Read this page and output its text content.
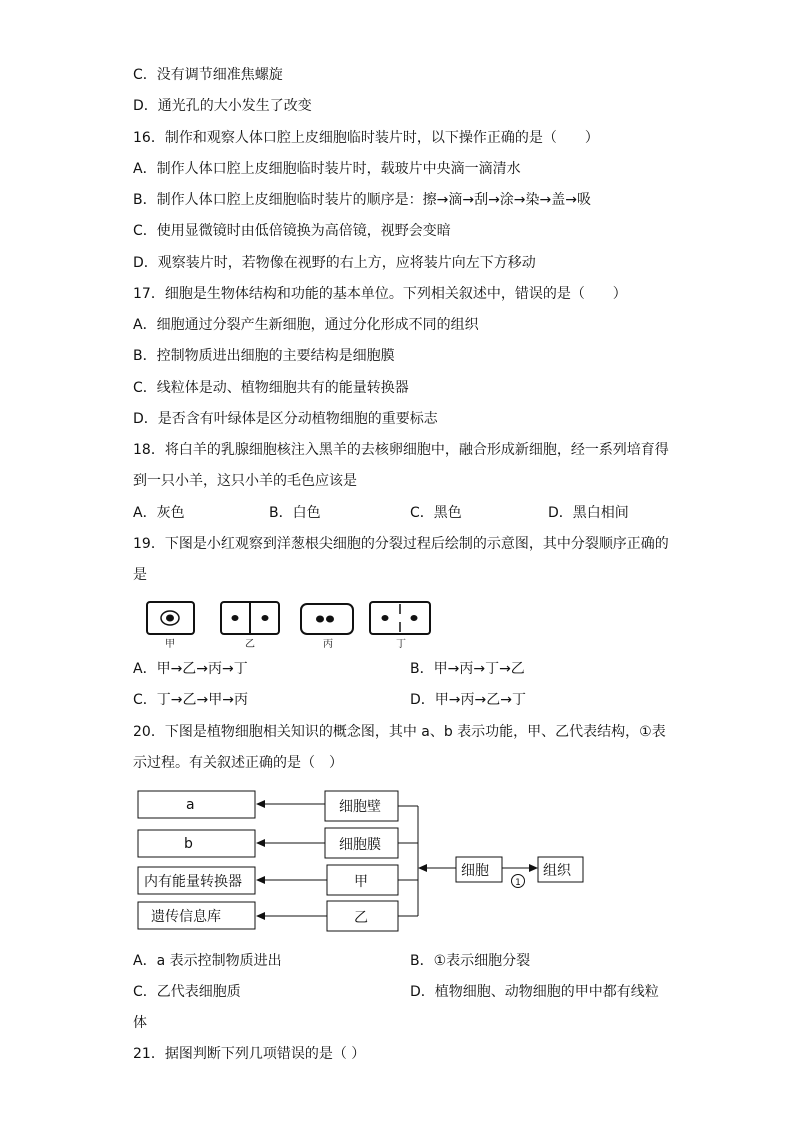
C．没有调节细准焦螺旋
D．通光孔的大小发生了改变
16．制作和观察人体口腔上皮细胞临时装片时，以下操作正确的是（　　）
A．制作人体口腔上皮细胞临时装片时，载玻片中央滴一滴清水
B．制作人体口腔上皮细胞临时装片的顺序是：擦→滴→刮→涂→染→盖→吸
C．使用显微镜时由低倍镜换为高倍镜，视野会变暗
D．观察装片时，若物像在视野的右上方，应将装片向左下方移动
17．细胞是生物体结构和功能的基本单位。下列相关叙述中，错误的是（　　）
A．细胞通过分裂产生新细胞，通过分化形成不同的组织
B．控制物质进出细胞的主要结构是细胞膜
C．线粒体是动、植物细胞共有的能量转换器
D．是否含有叶绿体是区分动植物细胞的重要标志
18．将白羊的乳腺细胞核注入黑羊的去核卵细胞中，融合形成新细胞，经一系列培育得
到一只小羊，这只小羊的毛色应该是
A．灰色	B．白色	C．黑色	D．黑白相间
19．下图是小红观察到洋葱根尖细胞的分裂过程后绘制的示意图，其中分裂顺序正确的
是
甲	乙	丙	丁
1
a
b
内有能量转换器
遗传信息库
细胞壁
细胞膜
甲
乙
细胞	组织
A．甲→乙→丙→丁	B．甲→丙→丁→乙
C．丁→乙→甲→丙	D．甲→丙→乙→丁
20．下图是植物细胞相关知识的概念图，其中 a、b 表示功能，甲、乙代表结构，①表
示过程。有关叙述正确的是（　）
A．a 表示控制物质进出	B．①表示细胞分裂
C．乙代表细胞质	D．植物细胞、动物细胞的甲中都有线粒
体
21．据图判断下列几项错误的是（ ）
